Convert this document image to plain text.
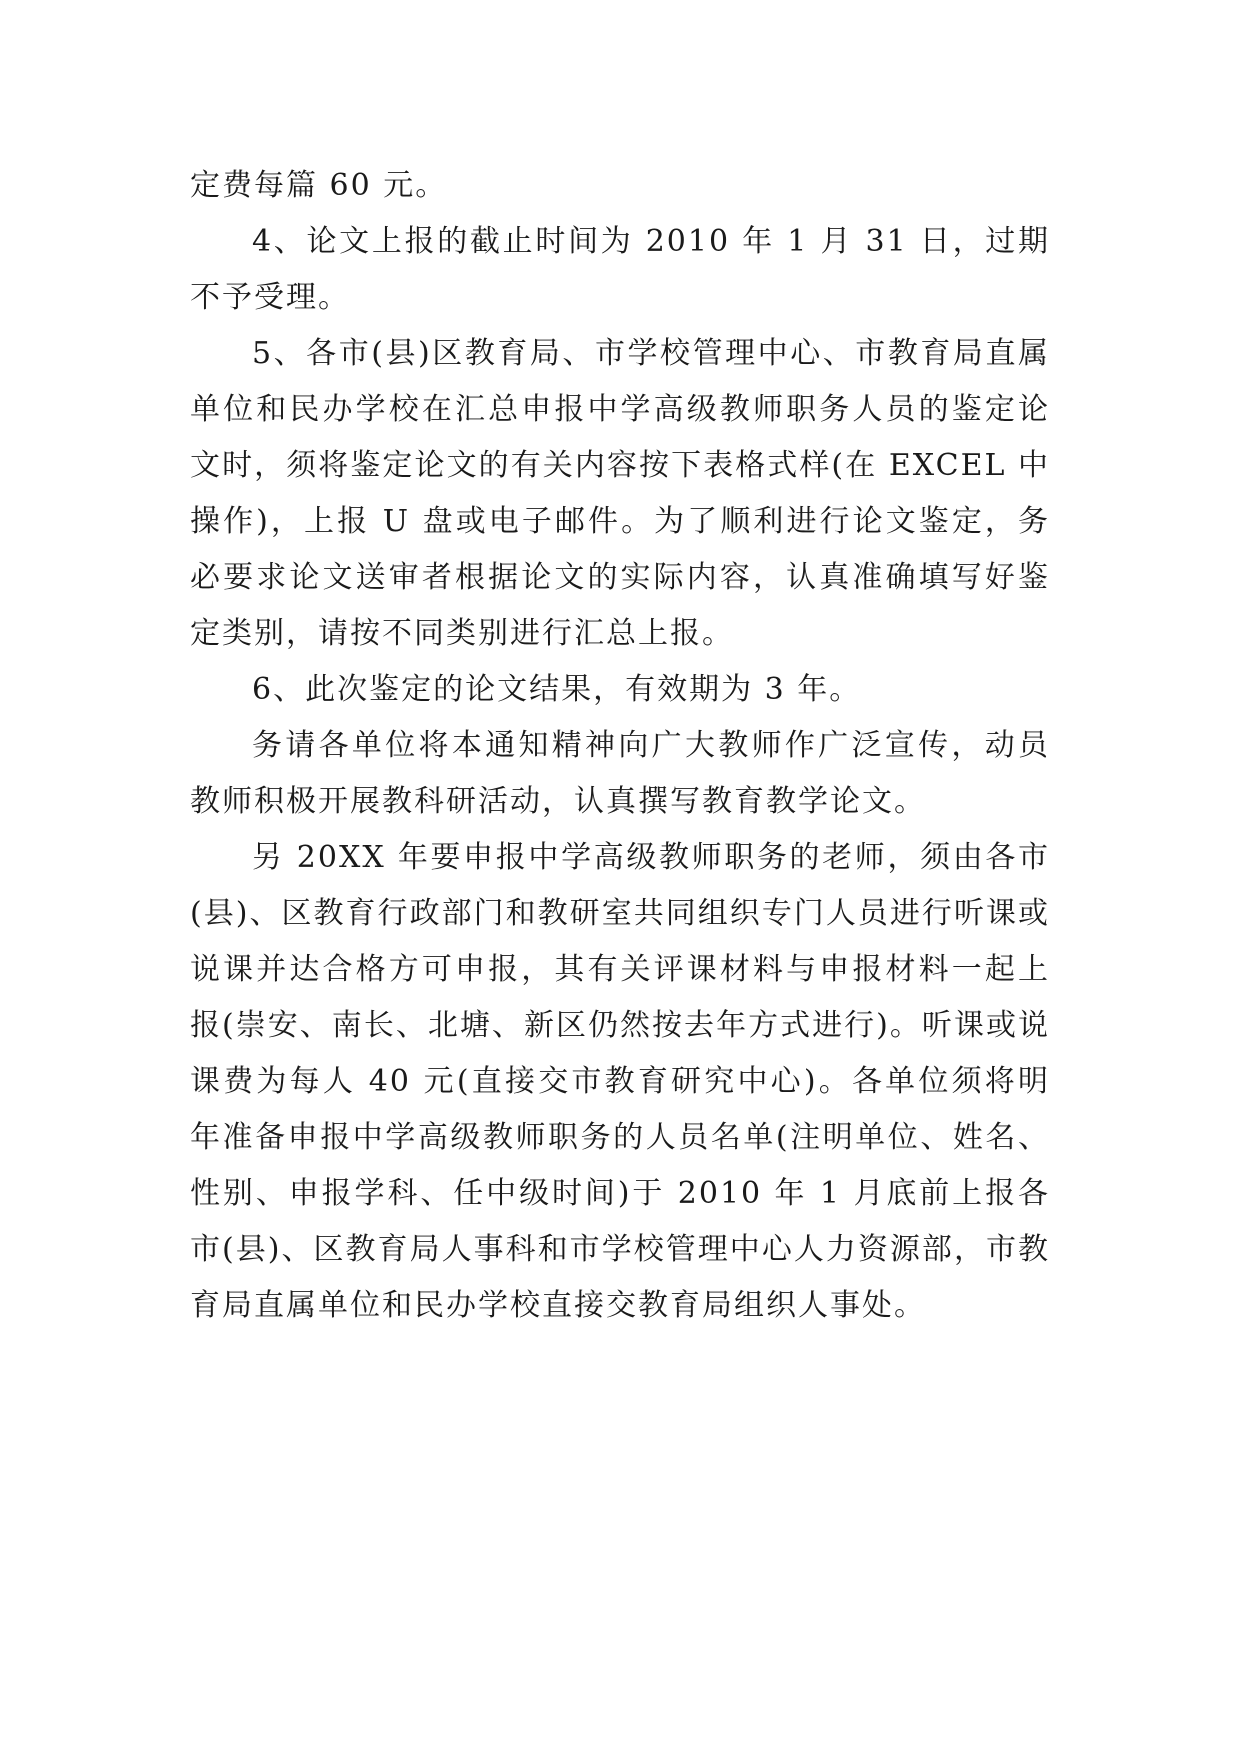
定费每篇 60 元。

4、论文上报的截止时间为 2010 年 1 月 31 日，过期不予受理。

5、各市(县)区教育局、市学校管理中心、市教育局直属单位和民办学校在汇总申报中学高级教师职务人员的鉴定论文时，须将鉴定论文的有关内容按下表格式样(在 EXCEL 中操作)，上报 U 盘或电子邮件。为了顺利进行论文鉴定，务必要求论文送审者根据论文的实际内容，认真准确填写好鉴定类别，请按不同类别进行汇总上报。

6、此次鉴定的论文结果，有效期为 3 年。

务请各单位将本通知精神向广大教师作广泛宣传，动员教师积极开展教科研活动，认真撰写教育教学论文。

另 20XX 年要申报中学高级教师职务的老师，须由各市(县)、区教育行政部门和教研室共同组织专门人员进行听课或说课并达合格方可申报，其有关评课材料与申报材料一起上报(崇安、南长、北塘、新区仍然按去年方式进行)。听课或说课费为每人 40 元(直接交市教育研究中心)。各单位须将明年准备申报中学高级教师职务的人员名单(注明单位、姓名、性别、申报学科、任中级时间)于 2010 年 1 月底前上报各市(县)、区教育局人事科和市学校管理中心人力资源部，市教育局直属单位和民办学校直接交教育局组织人事处。
